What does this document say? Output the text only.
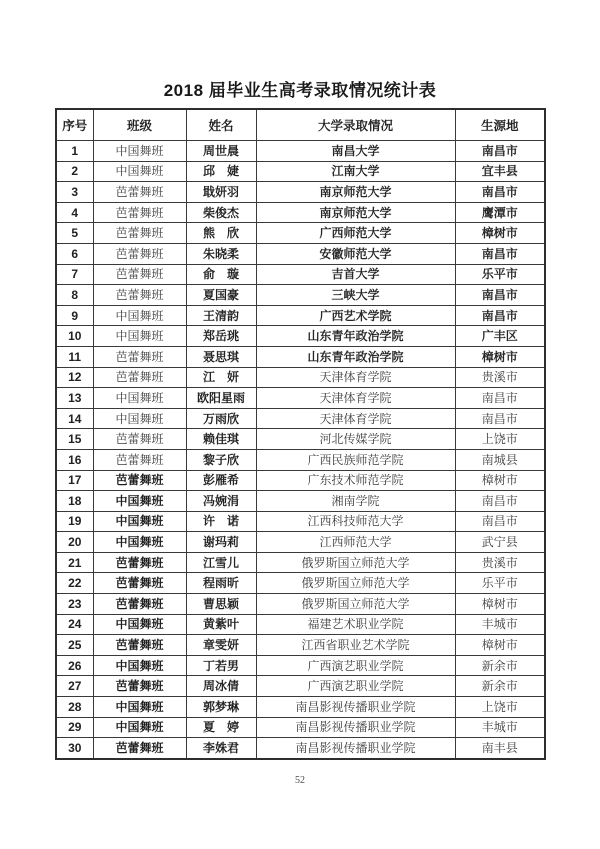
2018 届毕业生高考录取情况统计表
序号	班级	姓名	大学录取情况	生源地
1	中国舞班	周世晨	南昌大学	南昌市
2	中国舞班	邱　婕	江南大学	宜丰县
3	芭蕾舞班	戢妍羽	南京师范大学	南昌市
4	芭蕾舞班	柴俊杰	南京师范大学	鹰潭市
5	芭蕾舞班	熊　欣	广西师范大学	樟树市
6	芭蕾舞班	朱晓柔	安徽师范大学	南昌市
7	芭蕾舞班	俞　璇	吉首大学	乐平市
8	芭蕾舞班	夏国豪	三峡大学	南昌市
9	中国舞班	王清韵	广西艺术学院	南昌市
10	中国舞班	郑岳珧	山东青年政治学院	广丰区
11	芭蕾舞班	聂思琪	山东青年政治学院	樟树市
12	芭蕾舞班	江　妍	天津体育学院	贵溪市
13	中国舞班	欧阳星雨	天津体育学院	南昌市
14	中国舞班	万雨欣	天津体育学院	南昌市
15	芭蕾舞班	赖佳琪	河北传媒学院	上饶市
16	芭蕾舞班	黎子欣	广西民族师范学院	南城县
17	芭蕾舞班	彭雁希	广东技术师范学院	樟树市
18	中国舞班	冯婉涓	湘南学院	南昌市
19	中国舞班	许　诺	江西科技师范大学	南昌市
20	中国舞班	谢玛莉	江西师范大学	武宁县
21	芭蕾舞班	江雪儿	俄罗斯国立师范大学	贵溪市
22	芭蕾舞班	程雨昕	俄罗斯国立师范大学	乐平市
23	芭蕾舞班	曹思颖	俄罗斯国立师范大学	樟树市
24	中国舞班	黄紫叶	福建艺术职业学院	丰城市
25	芭蕾舞班	章雯妍	江西省职业艺术学院	樟树市
26	中国舞班	丁若男	广西演艺职业学院	新余市
27	芭蕾舞班	周冰倩	广西演艺职业学院	新余市
28	中国舞班	郭梦琳	南昌影视传播职业学院	上饶市
29	中国舞班	夏　婷	南昌影视传播职业学院	丰城市
30	芭蕾舞班	李姝君	南昌影视传播职业学院	南丰县
52
